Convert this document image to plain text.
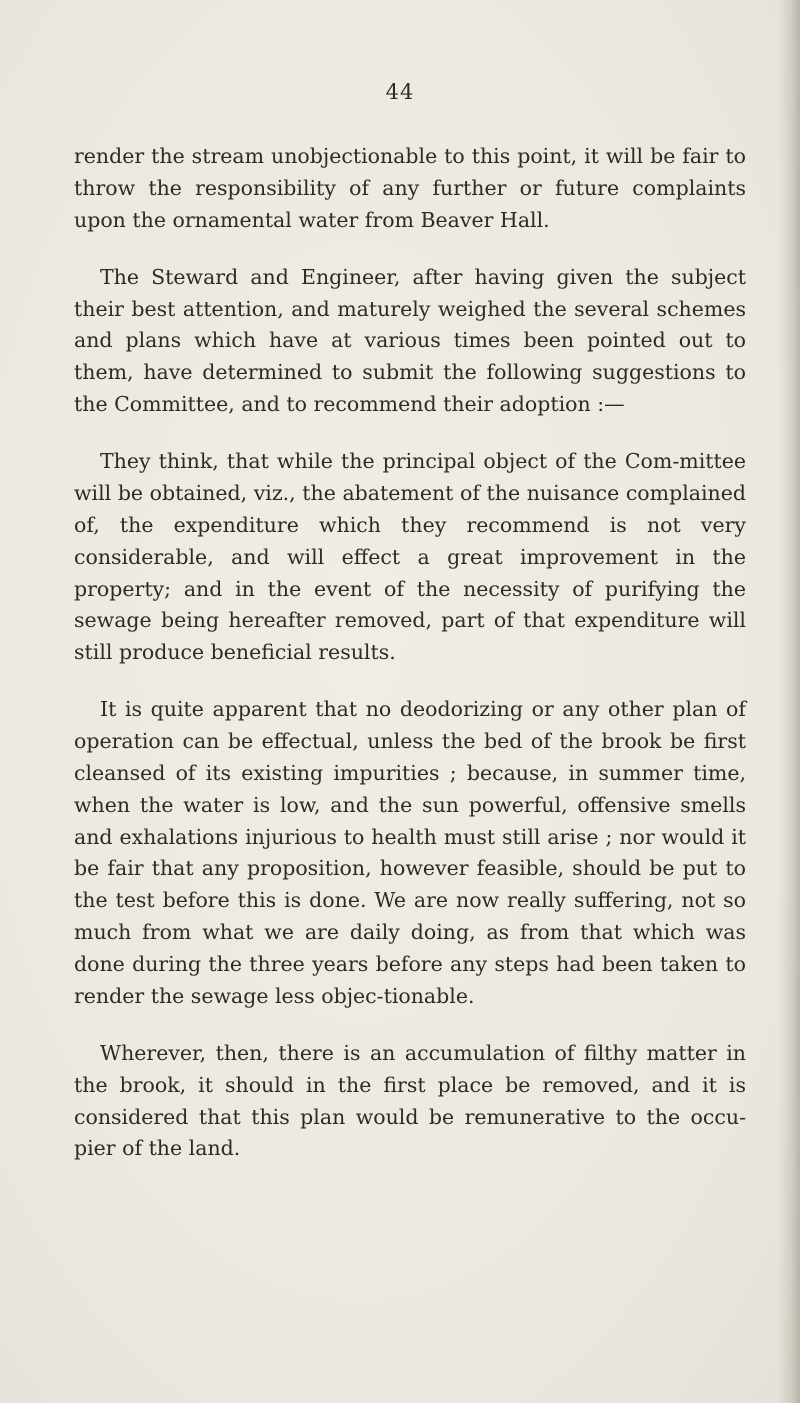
44

render the stream unobjectionable to this point, it will be fair to throw the responsibility of any further or future complaints upon the ornamental water from Beaver Hall.

The Steward and Engineer, after having given the subject their best attention, and maturely weighed the several schemes and plans which have at various times been pointed out to them, have determined to submit the following suggestions to the Committee, and to recommend their adoption :—

They think, that while the principal object of the Com-mittee will be obtained, viz., the abatement of the nuisance complained of, the expenditure which they recommend is not very considerable, and will effect a great improvement in the property; and in the event of the necessity of purifying the sewage being hereafter removed, part of that expenditure will still produce beneficial results.

It is quite apparent that no deodorizing or any other plan of operation can be effectual, unless the bed of the brook be first cleansed of its existing impurities ; because, in summer time, when the water is low, and the sun powerful, offensive smells and exhalations injurious to health must still arise ; nor would it be fair that any proposition, however feasible, should be put to the test before this is done. We are now really suffering, not so much from what we are daily doing, as from that which was done during the three years before any steps had been taken to render the sewage less objec-tionable.

Wherever, then, there is an accumulation of filthy matter in the brook, it should in the first place be removed, and it is considered that this plan would be remunerative to the occu-pier of the land.
